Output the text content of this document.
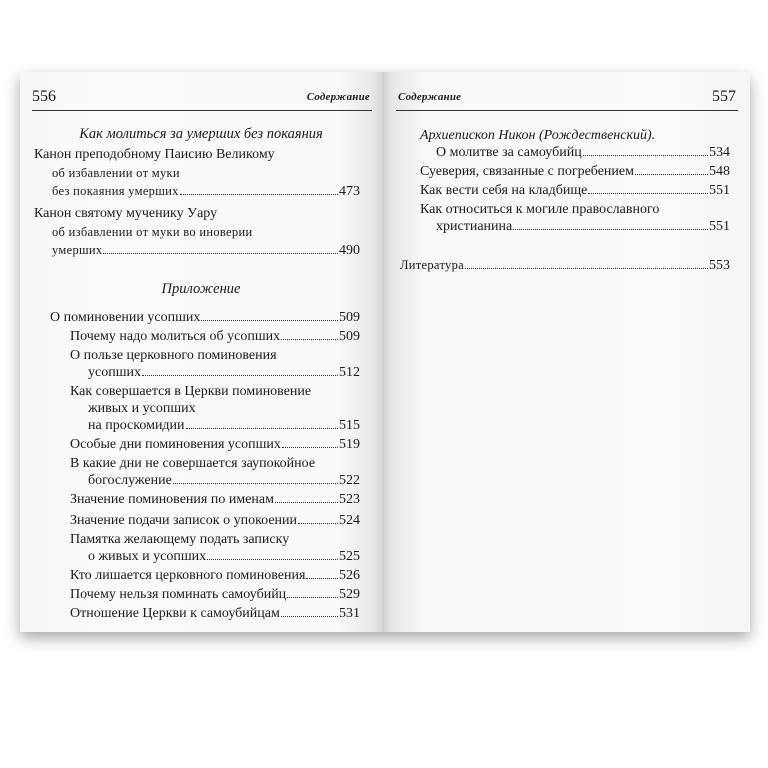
556	Содержание
Как молиться за умерших без покаяния
Канон преподобному Паисию Великому
об избавлении от муки
без покаяния умерших	473
Канон святому мученику Уару
об избавлении от муки во иноверии
умерших	490
Приложение
О поминовении усопших	509
Почему надо молиться об усопших	509
О пользе церковного поминовения
усопших	512
Как совершается в Церкви поминовение
живых и усопших
на проскомидии	515
Особые дни поминовения усопших	519
В какие дни не совершается заупокойное
богослужение	522
Значение поминовения по именам	523
Значение подачи записок о упокоении	524
Памятка желающему подать записку
о живых и усопших	525
Кто лишается церковного поминовения 526
Почему нельзя поминать самоубийц	529
Отношение Церкви к самоубийцам	531
Содержание	557
Архиепископ Никон (Рождественский).
О молитве за самоубийц	534
Суеверия, связанные с погребением	548
Как вести себя на кладбище	551
Как относиться к могиле православного
христианина	551
Литература	553
